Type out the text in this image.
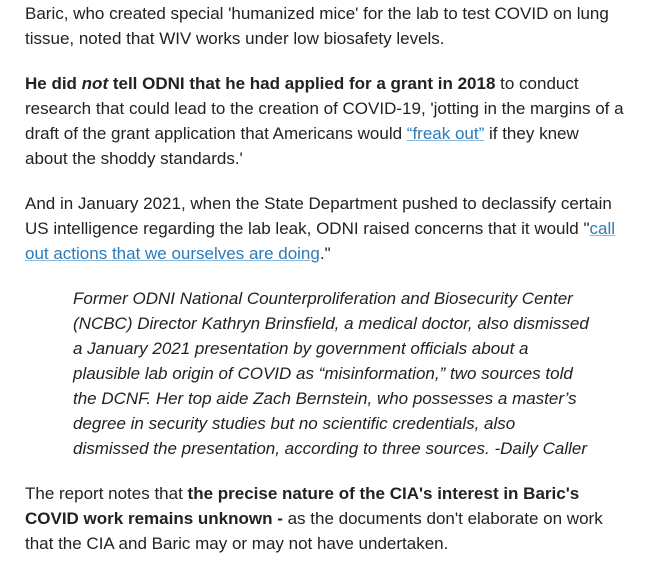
Baric, who created special 'humanized mice' for the lab to test COVID on lung tissue, noted that WIV works under low biosafety levels.

He did not tell ODNI that he had applied for a grant in 2018 to conduct research that could lead to the creation of COVID-19, 'jotting in the margins of a draft of the grant application that Americans would “freak out” if they knew about the shoddy standards.'

And in January 2021, when the State Department pushed to declassify certain US intelligence regarding the lab leak, ODNI raised concerns that it would "call out actions that we ourselves are doing."

Former ODNI National Counterproliferation and Biosecurity Center (NCBC) Director Kathryn Brinsfield, a medical doctor, also dismissed a January 2021 presentation by government officials about a plausible lab origin of COVID as “misinformation,” two sources told the DCNF. Her top aide Zach Bernstein, who possesses a master’s degree in security studies but no scientific credentials, also dismissed the presentation, according to three sources. -Daily Caller

The report notes that the precise nature of the CIA's interest in Baric's COVID work remains unknown - as the documents don't elaborate on work that the CIA and Baric may or may not have undertaken.
